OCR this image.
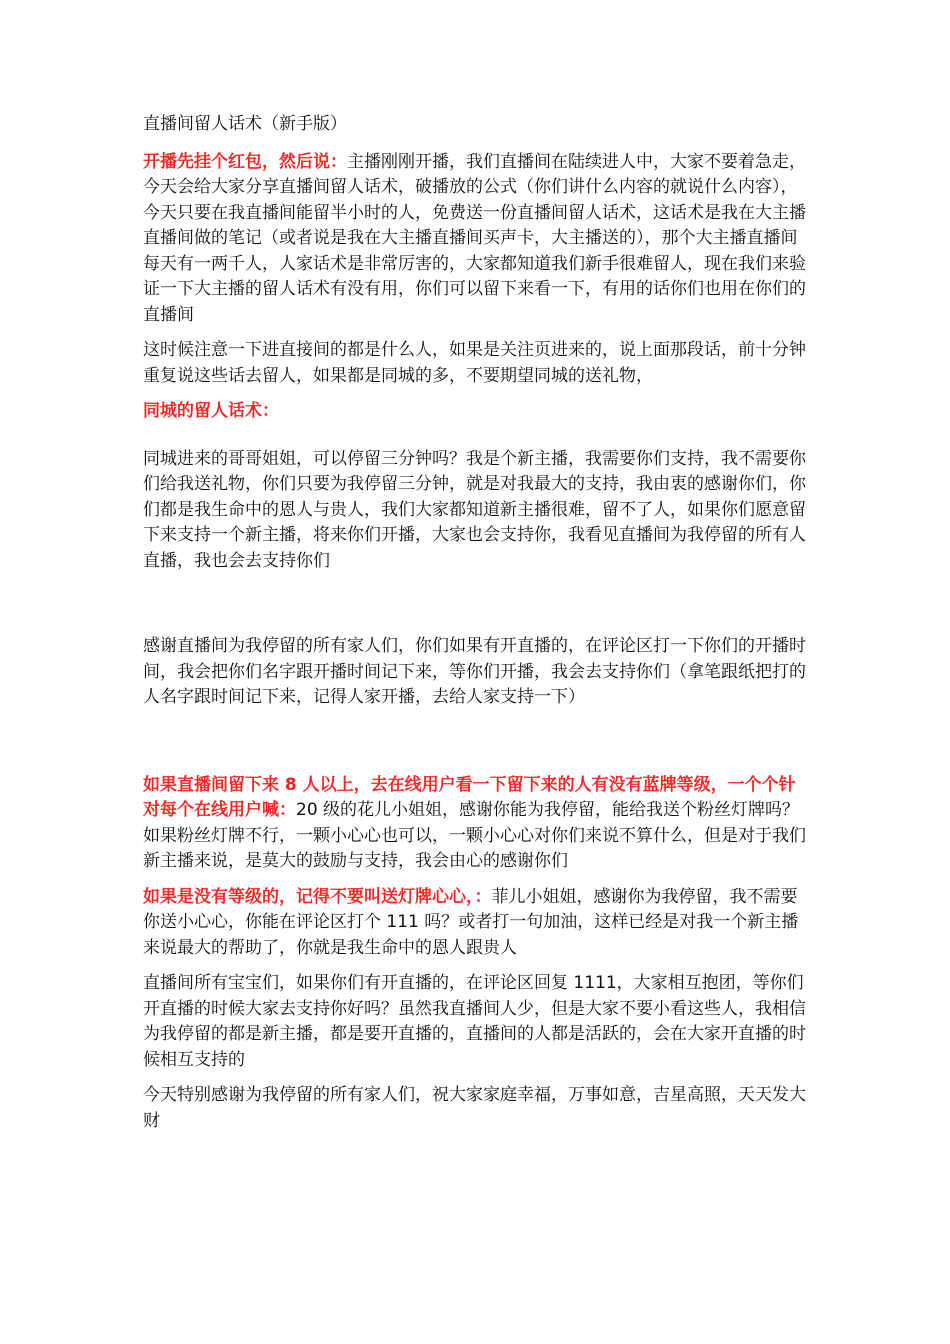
直播间留人话术（新手版）

开播先挂个红包，然后说：主播刚刚开播，我们直播间在陆续进人中，大家不要着急走，今天会给大家分享直播间留人话术，破播放的公式（你们讲什么内容的就说什么内容），今天只要在我直播间能留半小时的人，免费送一份直播间留人话术，这话术是我在大主播直播间做的笔记（或者说是我在大主播直播间买声卡，大主播送的），那个大主播直播间每天有一两千人，人家话术是非常厉害的，大家都知道我们新手很难留人，现在我们来验证一下大主播的留人话术有没有用，你们可以留下来看一下，有用的话你们也用在你们的直播间

这时候注意一下进直接间的都是什么人，如果是关注页进来的，说上面那段话，前十分钟重复说这些话去留人，如果都是同城的多，不要期望同城的送礼物，

同城的留人话术：

同城进来的哥哥姐姐，可以停留三分钟吗？我是个新主播，我需要你们支持，我不需要你们给我送礼物，你们只要为我停留三分钟，就是对我最大的支持，我由衷的感谢你们，你们都是我生命中的恩人与贵人，我们大家都知道新主播很难，留不了人，如果你们愿意留下来支持一个新主播，将来你们开播，大家也会支持你，我看见直播间为我停留的所有人直播，我也会去支持你们

感谢直播间为我停留的所有家人们，你们如果有开直播的，在评论区打一下你们的开播时间，我会把你们名字跟开播时间记下来，等你们开播，我会去支持你们（拿笔跟纸把打的人名字跟时间记下来，记得人家开播，去给人家支持一下）

如果直播间留下来 8 人以上，去在线用户看一下留下来的人有没有蓝牌等级，一个个针对每个在线用户喊：20 级的花儿小姐姐，感谢你能为我停留，能给我送个粉丝灯牌吗？如果粉丝灯牌不行，一颗小心心也可以，一颗小心心对你们来说不算什么，但是对于我们新主播来说，是莫大的鼓励与支持，我会由心的感谢你们

如果是没有等级的，记得不要叫送灯牌心心，：菲儿小姐姐，感谢你为我停留，我不需要你送小心心，你能在评论区打个 111 吗？或者打一句加油，这样已经是对我一个新主播来说最大的帮助了，你就是我生命中的恩人跟贵人

直播间所有宝宝们，如果你们有开直播的，在评论区回复 1111，大家相互抱团，等你们开直播的时候大家去支持你好吗？虽然我直播间人少，但是大家不要小看这些人，我相信为我停留的都是新主播，都是要开直播的，直播间的人都是活跃的，会在大家开直播的时候相互支持的

今天特别感谢为我停留的所有家人们，祝大家家庭幸福，万事如意，吉星高照，天天发大财
